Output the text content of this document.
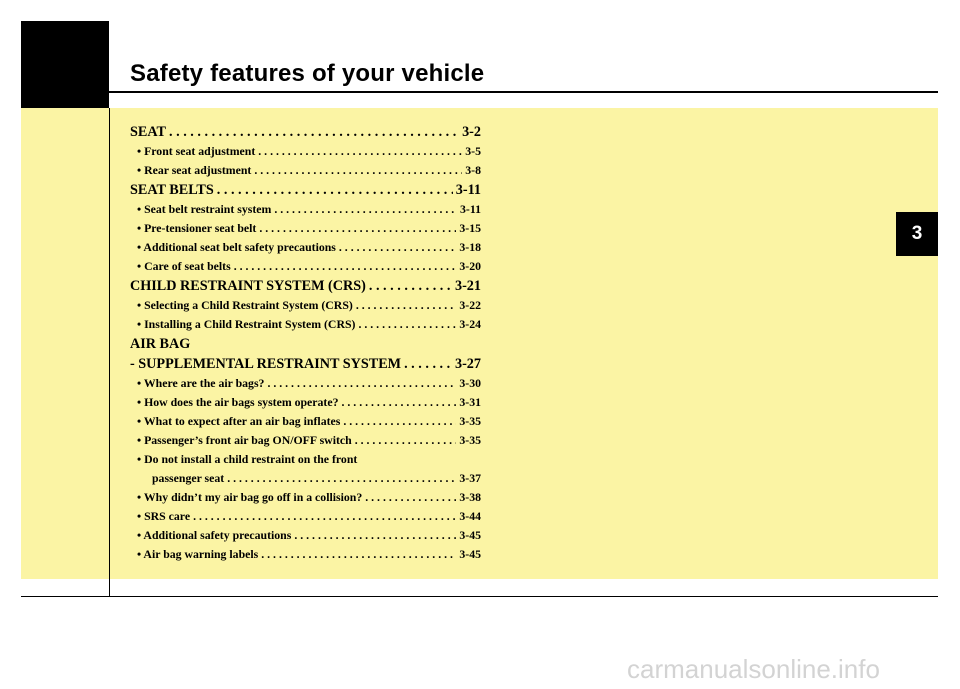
Safety features of your vehicle
3
SEAT . . .	3-2
• Front seat adjustment . . .	3-5
• Rear seat adjustment . . .	3-8
SEAT BELTS . . .	3-11
• Seat belt restraint system . . .	3-11
• Pre-tensioner seat belt . . .	3-15
• Additional seat belt safety precautions . . .	3-18
• Care of seat belts . . .	3-20
CHILD RESTRAINT SYSTEM (CRS) . . .	3-21
• Selecting a Child Restraint System (CRS) . . .	3-22
• Installing a Child Restraint System (CRS) . . .	3-24
AIR BAG
- SUPPLEMENTAL RESTRAINT SYSTEM . . .	3-27
• Where are the air bags? . . .	3-30
• How does the air bags system operate? . . .	3-31
• What to expect after an air bag inflates . . .	3-35
• Passenger’s front air bag ON/OFF switch . . .	3-35
• Do not install a child restraint on the front
passenger seat . . .	3-37
• Why didn’t my air bag go off in a collision? . . .	3-38
• SRS care . . .	3-44
• Additional safety precautions . . .	3-45
• Air bag warning labels . . .	3-45
carmanualsonline.info
